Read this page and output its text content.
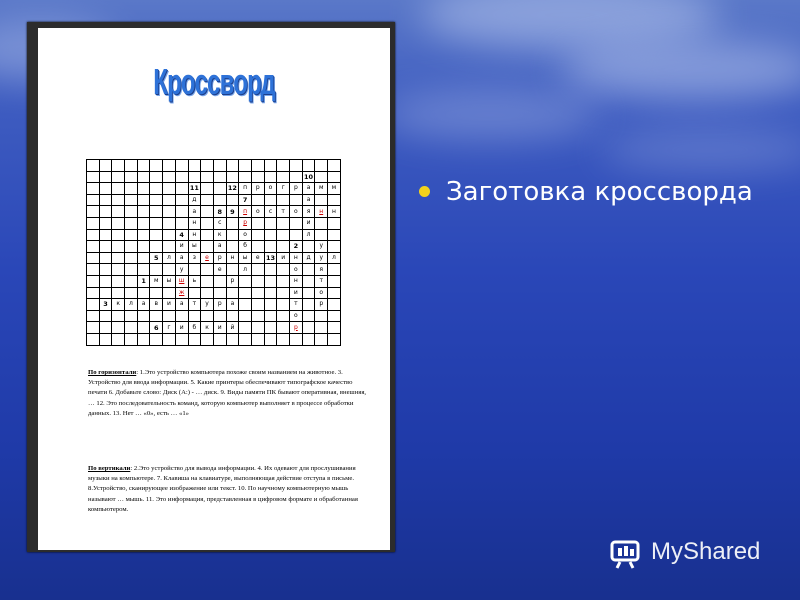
Кроссворд

																	10		
								11			12	п	р	о	г	р	а	м	м
								д				7					а		
								а		8	9	п	о	с	т	о	я	н	н
								н		с		р					и		
							4	н		к		о					л		
							и	ы		а		б				2		у	
					5	л	а	з	е	р	н	ы	е	13	и	н	д	у	л
							у			е		л				о		я	
				1	м	ы	ш	ь			р					н		т	
							ж									и		о	
	3	к	л	а	в	и	а	т	у	р	а					т		р	
																о			
					6	г	и	б	к	и	й					р			

По горизонтали: 1.Это устройство компьютера похоже своим названием на животное. 3. Устройство для ввода информации. 5. Какие принтеры обеспечивают типографское качество печати 6. Добавьте слово: Диск (А:) - … диск. 9. Виды памяти ПК бывают оперативная, внешняя, … 12. Это последовательность команд, которую компьютер выполняет в процессе обработки данных. 13. Нет … «0», есть … «1»
По вертикали: 2.Это устройство для вывода информации. 4. Их одевают для прослушивания музыки на компьютере. 7. Клавиша на клавиатуре, выполняющая действие отступа в письме. 8.Устройство, сканирующее изображение или текст. 10. По научному компьютерную мышь называют … мышь. 11. Это информация, представленная в цифровом формате и обработанная компьютером.

Заготовка кроссворда

MyShared
